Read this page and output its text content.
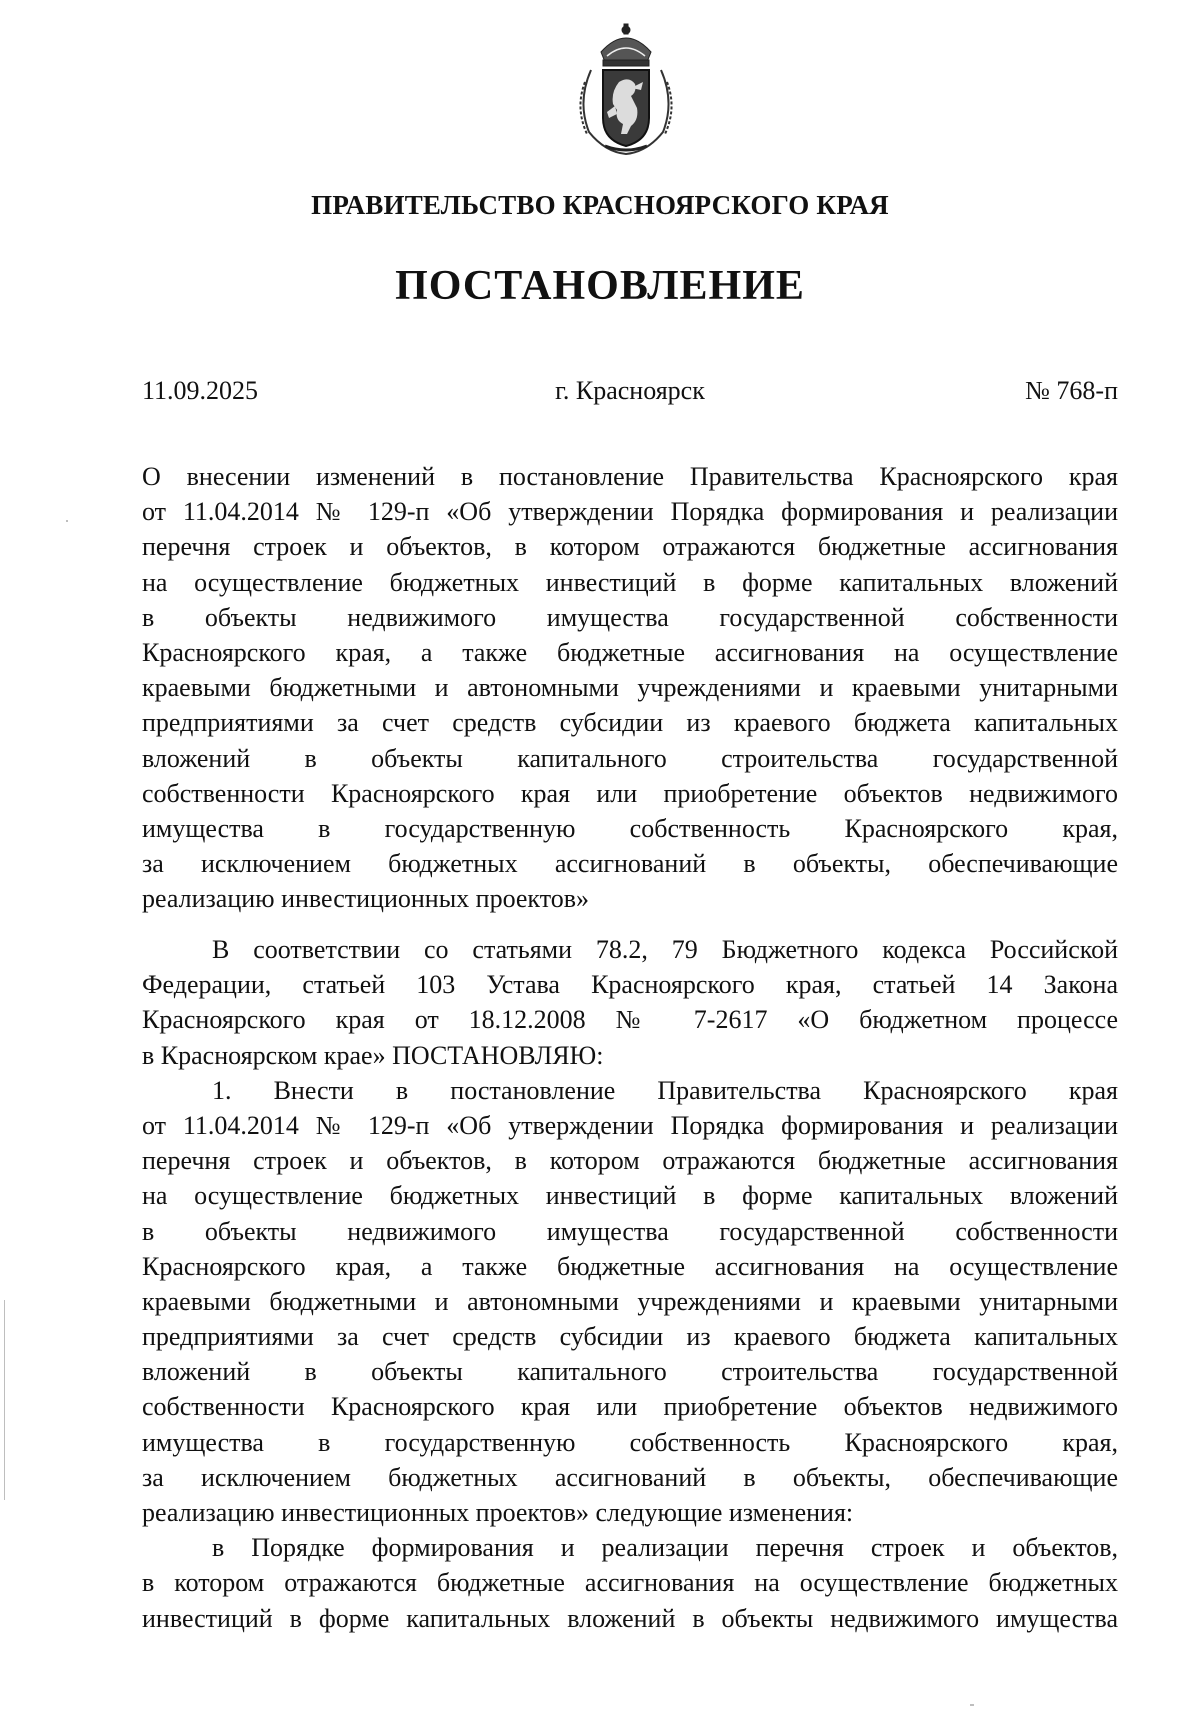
ПРАВИТЕЛЬСТВО КРАСНОЯРСКОГО КРАЯ
ПОСТАНОВЛЕНИЕ
11.09.2025	г. Красноярск	№ 768-п
О внесении изменений в постановление Правительства Красноярского края
от 11.04.2014 № 129-п «Об утверждении Порядка формирования и реализации
перечня строек и объектов, в котором отражаются бюджетные ассигнования
на осуществление бюджетных инвестиций в форме капитальных вложений
в объекты недвижимого имущества государственной собственности
Красноярского края, а также бюджетные ассигнования на осуществление
краевыми бюджетными и автономными учреждениями и краевыми унитарными
предприятиями за счет средств субсидии из краевого бюджета капитальных
вложений в объекты капитального строительства государственной
собственности Красноярского края или приобретение объектов недвижимого
имущества в государственную собственность Красноярского края,
за исключением бюджетных ассигнований в объекты, обеспечивающие
реализацию инвестиционных проектов»
В соответствии со статьями 78.2, 79 Бюджетного кодекса Российской
Федерации, статьей 103 Устава Красноярского края, статьей 14 Закона
Красноярского края от 18.12.2008 № 7-2617 «О бюджетном процессе
в Красноярском крае» ПОСТАНОВЛЯЮ:
1. Внести в постановление Правительства Красноярского края
от 11.04.2014 № 129-п «Об утверждении Порядка формирования и реализации
перечня строек и объектов, в котором отражаются бюджетные ассигнования
на осуществление бюджетных инвестиций в форме капитальных вложений
в объекты недвижимого имущества государственной собственности
Красноярского края, а также бюджетные ассигнования на осуществление
краевыми бюджетными и автономными учреждениями и краевыми унитарными
предприятиями за счет средств субсидии из краевого бюджета капитальных
вложений в объекты капитального строительства государственной
собственности Красноярского края или приобретение объектов недвижимого
имущества в государственную собственность Красноярского края,
за исключением бюджетных ассигнований в объекты, обеспечивающие
реализацию инвестиционных проектов» следующие изменения:
в Порядке формирования и реализации перечня строек и объектов,
в котором отражаются бюджетные ассигнования на осуществление бюджетных
инвестиций в форме капитальных вложений в объекты недвижимого имущества
